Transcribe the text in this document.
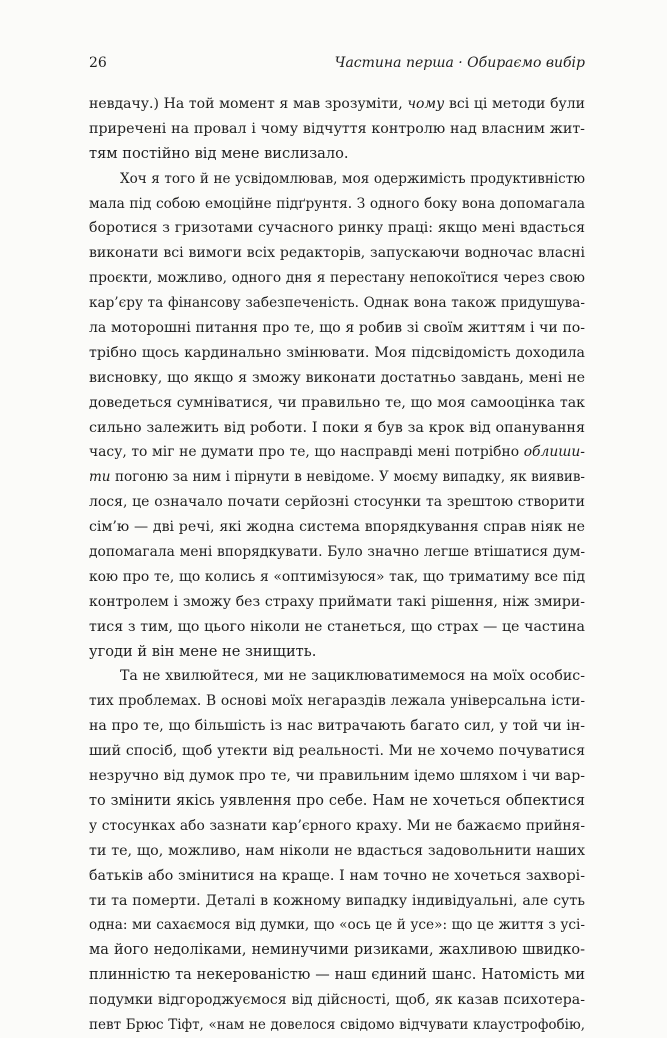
26	Частина перша · Обираємо вибір
невдачу.) На той момент я мав зрозуміти, чому всі ці методи були
приречені на провал і чому відчуття контролю над власним жит-
тям постійно від мене вислизало.
Хоч я того й не усвідомлював, моя одержимість продуктивністю
мала під собою емоційне підґрунтя. З одного боку вона допомагала
боротися з гризотами сучасного ринку праці: якщо мені вдасться
виконати всі вимоги всіх редакторів, запускаючи водночас власні
проєкти, можливо, одного дня я перестану непокоїтися через свою
кар’єру та фінансову забезпеченість. Однак вона також придушува-
ла моторошні питання про те, що я робив зі своїм життям і чи по-
трібно щось кардинально змінювати. Моя підсвідомість доходила
висновку, що якщо я зможу виконати достатньо завдань, мені не
доведеться сумніватися, чи правильно те, що моя самооцінка так
сильно залежить від роботи. І поки я був за крок від опанування
часу, то міг не думати про те, що насправді мені потрібно облиши-
ти погоню за ним і пірнути в невідоме. У моєму випадку, як виявив-
лося, це означало почати серйозні стосунки та зрештою створити
сім’ю — дві речі, які жодна система впорядкування справ ніяк не
допомагала мені впорядкувати. Було значно легше втішатися дум-
кою про те, що колись я «оптимізуюся» так, що триматиму все під
контролем і зможу без страху приймати такі рішення, ніж змири-
тися з тим, що цього ніколи не станеться, що страх — це частина
угоди й він мене не знищить.
Та не хвилюйтеся, ми не зациклюватимемося на моїх особис-
тих проблемах. В основі моїх негараздів лежала універсальна істи-
на про те, що більшість із нас витрачають багато сил, у той чи ін-
ший спосіб, щоб утекти від реальності. Ми не хочемо почуватися
незручно від думок про те, чи правильним ідемо шляхом і чи вар-
то змінити якісь уявлення про себе. Нам не хочеться обпектися
у стосунках або зазнати кар’єрного краху. Ми не бажаємо прийня-
ти те, що, можливо, нам ніколи не вдасться задовольнити наших
батьків або змінитися на краще. І нам точно не хочеться захворі-
ти та померти. Деталі в кожному випадку індивідуальні, але суть
одна: ми сахаємося від думки, що «ось це й усе»: що це життя з усі-
ма його недоліками, неминучими ризиками, жахливою швидко-
плинністю та некерованістю — наш єдиний шанс. Натомість ми
подумки відгороджуємося від дійсності, щоб, як казав психотера-
певт Брюс Тіфт, «нам не довелося свідомо відчувати клаустрофобію,
